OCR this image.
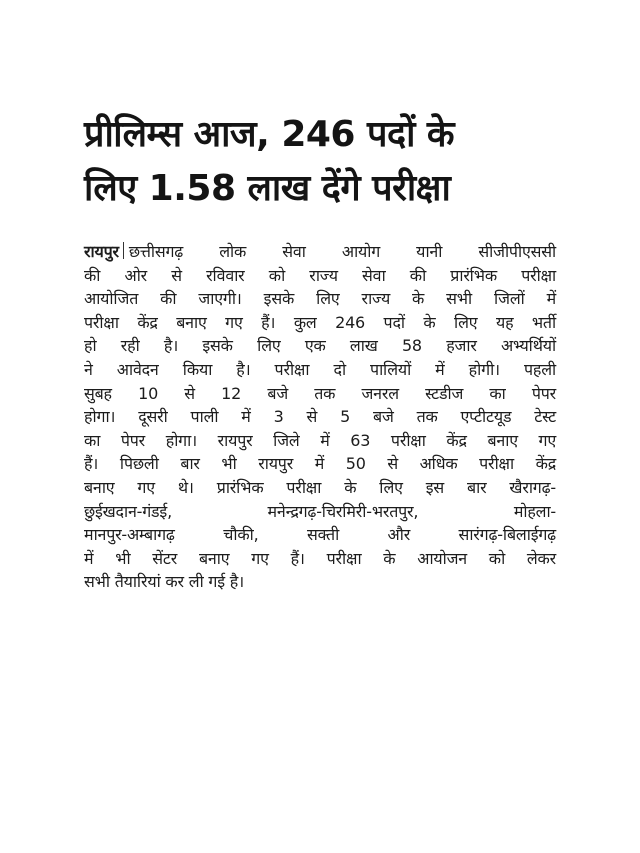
प्रीलिम्स आज, 246 पदों के
लिए 1.58 लाख देंगे परीक्षा
रायपुर छत्तीसगढ़ लोक सेवा आयोग यानी सीजीपीएससी
की ओर से रविवार को राज्य सेवा की प्रारंभिक परीक्षा
आयोजित की जाएगी। इसके लिए राज्य के सभी जिलों में
परीक्षा केंद्र बनाए गए हैं। कुल 246 पदों के लिए यह भर्ती
हो रही है। इसके लिए एक लाख 58 हजार अभ्यर्थियों
ने आवेदन किया है। परीक्षा दो पालियों में होगी। पहली
सुबह 10 से 12 बजे तक जनरल स्टडीज का पेपर
होगा। दूसरी पाली में 3 से 5 बजे तक एप्टीटयूड टेस्ट
का पेपर होगा। रायपुर जिले में 63 परीक्षा केंद्र बनाए गए
हैं। पिछली बार भी रायपुर में 50 से अधिक परीक्षा केंद्र
बनाए गए थे। प्रारंभिक परीक्षा के लिए इस बार खैरागढ़-
छुईखदान-गंडई, मनेन्द्रगढ़-चिरमिरी-भरतपुर, मोहला-
मानपुर-अम्बागढ़ चौकी, सक्ती और सारंगढ़-बिलाईगढ़
में भी सेंटर बनाए गए हैं। परीक्षा के आयोजन को लेकर
सभी तैयारियां कर ली गई है।
